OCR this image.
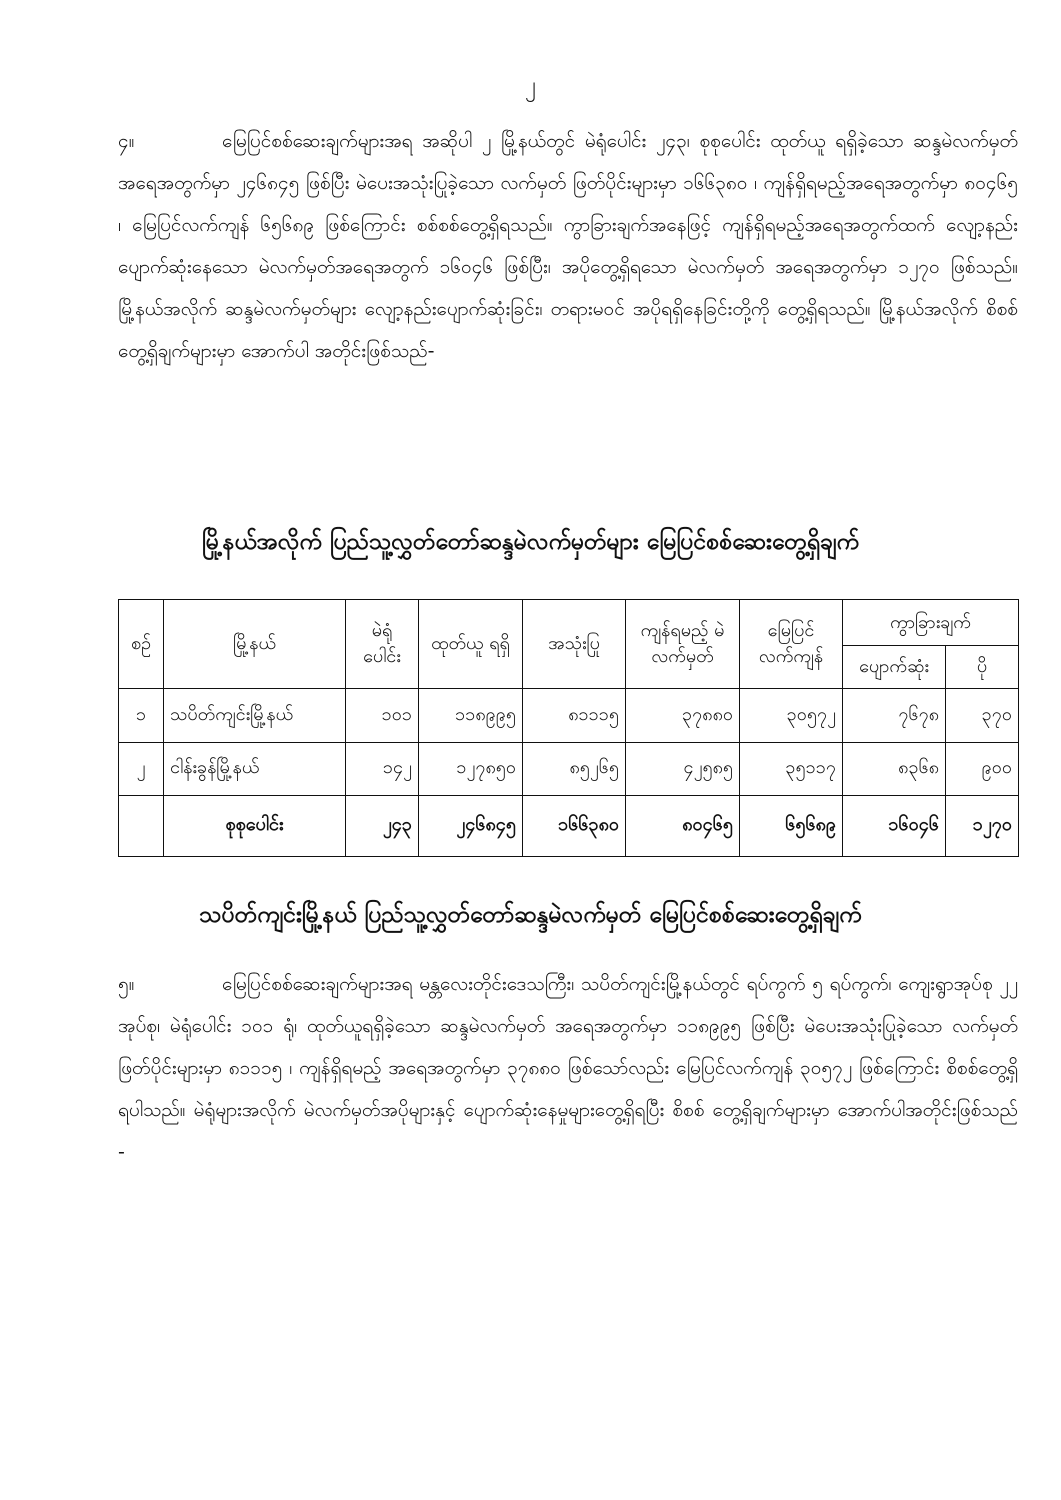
၂
၄။	မြေပြင်စစ်ဆေးချက်များအရ အဆိုပါ ၂ မြို့နယ်တွင် မဲရုံပေါင်း ၂၄၃၊ စုစုပေါင်း ထုတ်ယူ ရရှိခဲ့သော ဆန္ဒမဲလက်မှတ်အရေအတွက်မှာ ၂၄၆၈၄၅ ဖြစ်ပြီး မဲပေးအသုံးပြုခဲ့သော လက်မှတ် ဖြတ်ပိုင်းများမှာ ၁၆၆၃၈၀ ၊ ကျန်ရှိရမည့်အရေအတွက်မှာ ၈၀၄၆၅ ၊ မြေပြင်လက်ကျန် ၆၅၆၈၉ ဖြစ်ကြောင်း စစ်စစ်တွေ့ရှိရသည်။ ကွာခြားချက်အနေဖြင့် ကျန်ရှိရမည့်အရေအတွက်ထက် လျော့နည်း ပျောက်ဆုံးနေသော မဲလက်မှတ်အရေအတွက် ၁၆၀၄၆ ဖြစ်ပြီး၊ အပိုတွေ့ရှိရသော မဲလက်မှတ် အရေအတွက်မှာ ၁၂၇၀ ဖြစ်သည်။ မြို့နယ်အလိုက် ဆန္ဒမဲလက်မှတ်များ လျော့နည်းပျောက်ဆုံးခြင်း၊ တရားမဝင် အပိုရရှိနေခြင်းတို့ကို တွေ့ရှိရသည်။ မြို့နယ်အလိုက် စိစစ်တွေ့ရှိချက်များမှာ အောက်ပါ အတိုင်းဖြစ်သည်-
မြို့နယ်အလိုက် ပြည်သူ့လွှတ်တော်ဆန္ဒမဲလက်မှတ်များ မြေပြင်စစ်ဆေးတွေ့ရှိချက်
စဉ်	မြို့နယ်	မဲရုံ ပေါင်း	ထုတ်ယူ ရရှိ	အသုံးပြု	ကျန်ရမည့် မဲလက်မှတ်	မြေပြင် လက်ကျန်	ကွာခြားချက်	
							ပျောက်ဆုံး	ပို
၁	သပိတ်ကျင်းမြို့နယ်	၁၀၁	၁၁၈၉၉၅	၈၁၁၁၅	၃၇၈၈၀	၃၀၅၇၂	၇၆၇၈	၃၇၀
၂	ငါန်းခွန်မြို့နယ်	၁၄၂	၁၂၇၈၅၀	၈၅၂၆၅	၄၂၅၈၅	၃၅၁၁၇	၈၃၆၈	၉၀၀
	စုစုပေါင်း	၂၄၃	၂၄၆၈၄၅	၁၆၆၃၈၀	၈၀၄၆၅	၆၅၆၈၉	၁၆၀၄၆	၁၂၇၀
သပိတ်ကျင်းမြို့နယ် ပြည်သူ့လွှတ်တော်ဆန္ဒမဲလက်မှတ် မြေပြင်စစ်ဆေးတွေ့ရှိချက်
၅။	မြေပြင်စစ်ဆေးချက်များအရ မန္တလေးတိုင်းဒေသကြီး၊ သပိတ်ကျင်းမြို့နယ်တွင် ရပ်ကွက် ၅ ရပ်ကွက်၊ ကျေးရွာအုပ်စု ၂၂ အုပ်စု၊ မဲရုံပေါင်း ၁၀၁ ရုံ၊ ထုတ်ယူရရှိခဲ့သော ဆန္ဒမဲလက်မှတ် အရေအတွက်မှာ ၁၁၈၉၉၅ ဖြစ်ပြီး မဲပေးအသုံးပြုခဲ့သော လက်မှတ်ဖြတ်ပိုင်းများမှာ ၈၁၁၁၅ ၊ ကျန်ရှိရမည့် အရေအတွက်မှာ ၃၇၈၈၀ ဖြစ်သော်လည်း မြေပြင်လက်ကျန် ၃၀၅၇၂ ဖြစ်ကြောင်း စိစစ်တွေ့ရှိရပါသည်။ မဲရုံများအလိုက် မဲလက်မှတ်အပိုများနှင့် ပျောက်ဆုံးနေမှုများတွေ့ရှိရပြီး စိစစ် တွေ့ရှိချက်များမှာ အောက်ပါအတိုင်းဖြစ်သည် -
